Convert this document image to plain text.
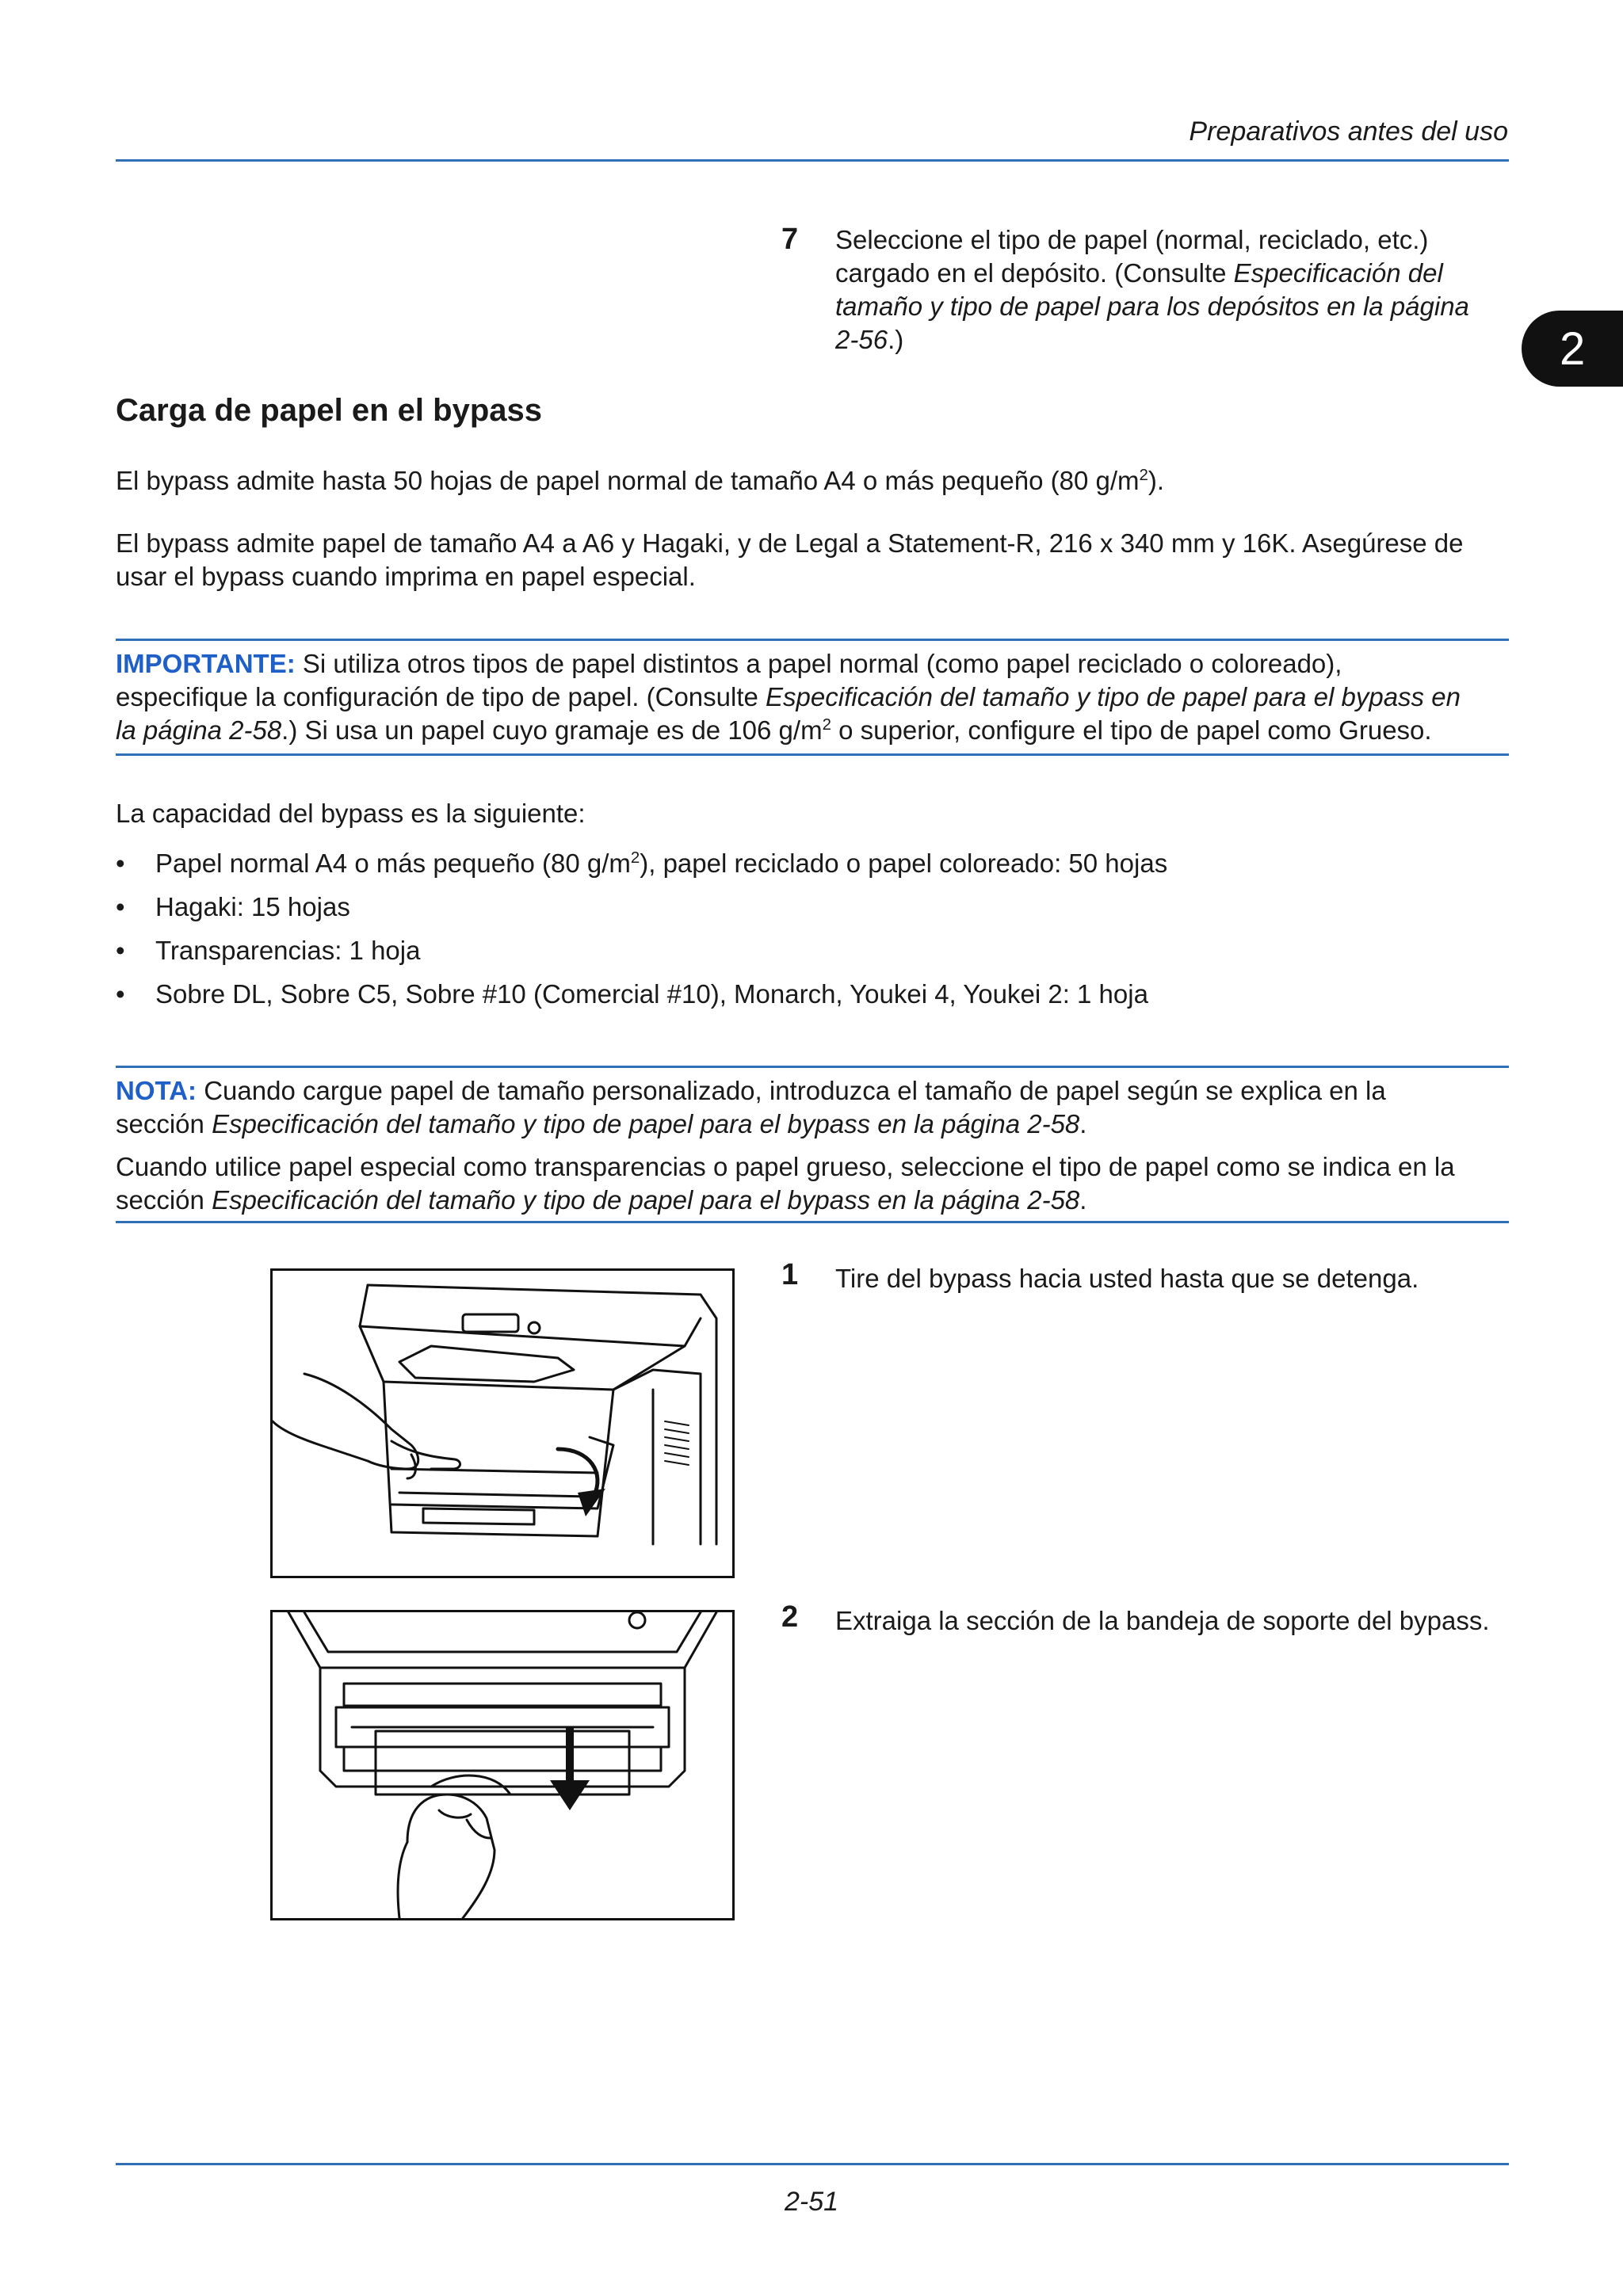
Preparativos antes del uso
2
7 Seleccione el tipo de papel (normal, reciclado, etc.)
cargado en el depósito. (Consulte Especificación del
tamaño y tipo de papel para los depósitos en la página
2-56.)
Carga de papel en el bypass
El bypass admite hasta 50 hojas de papel normal de tamaño A4 o más pequeño (80 $g/m^2$).
El bypass admite papel de tamaño A4 a A6 y Hagaki, y de Legal a Statement-R, 216 x 340 mm y 16K. Asegúrese de
usar el bypass cuando imprima en papel especial.
IMPORTANTE: Si utiliza otros tipos de papel distintos a papel normal (como papel reciclado o coloreado),
especifique la configuración de tipo de papel. (Consulte Especificación del tamaño y tipo de papel para el bypass en
la página 2-58.) Si usa un papel cuyo gramaje es de 106 $g/m^2$ o superior, configure el tipo de papel como Grueso.
La capacidad del bypass es la siguiente:
• Papel normal A4 o más pequeño (80 $g/m^2$), papel reciclado o papel coloreado: 50 hojas
• Hagaki: 15 hojas
• Transparencias: 1 hoja
• Sobre DL, Sobre C5, Sobre #10 (Comercial #10), Monarch, Youkei 4, Youkei 2: 1 hoja
NOTA: Cuando cargue papel de tamaño personalizado, introduzca el tamaño de papel según se explica en la
sección Especificación del tamaño y tipo de papel para el bypass en la página 2-58.
Cuando utilice papel especial como transparencias o papel grueso, seleccione el tipo de papel como se indica en la
sección Especificación del tamaño y tipo de papel para el bypass en la página 2-58.
1 Tire del bypass hacia usted hasta que se detenga.
2 Extraiga la sección de la bandeja de soporte del bypass.
2-51
